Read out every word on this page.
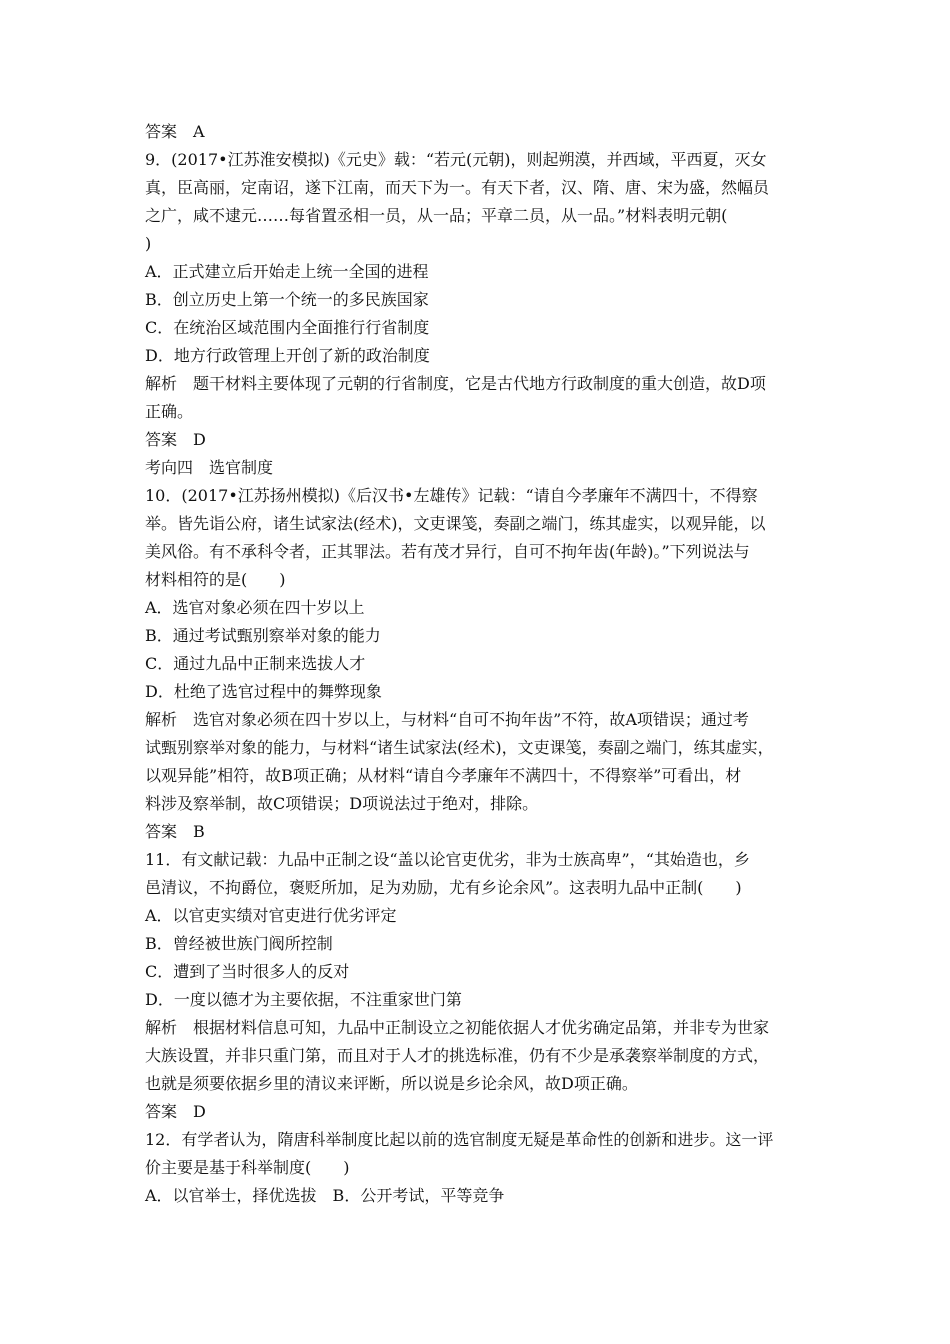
答案　A
9．(2017•江苏淮安模拟)《元史》载：“若元(元朝)，则起朔漠，并西域，平西夏，灭女
真，臣高丽，定南诏，遂下江南，而天下为一。有天下者，汉、隋、唐、宋为盛，然幅员
之广，咸不逮元……每省置丞相一员，从一品；平章二员，从一品。”材料表明元朝(
)
A．正式建立后开始走上统一全国的进程
B．创立历史上第一个统一的多民族国家
C．在统治区域范围内全面推行行省制度
D．地方行政管理上开创了新的政治制度
解析　题干材料主要体现了元朝的行省制度，它是古代地方行政制度的重大创造，故D项
正确。
答案　D
考向四　选官制度
10．(2017•江苏扬州模拟)《后汉书•左雄传》记载：“请自今孝廉年不满四十，不得察
举。皆先诣公府，诸生试家法(经术)，文吏课笺，奏副之端门，练其虚实，以观异能，以
美风俗。有不承科令者，正其罪法。若有茂才异行，自可不拘年齿(年龄)。”下列说法与
材料相符的是(　　)
A．选官对象必须在四十岁以上
B．通过考试甄别察举对象的能力
C．通过九品中正制来选拔人才
D．杜绝了选官过程中的舞弊现象
解析　选官对象必须在四十岁以上，与材料“自可不拘年齿”不符，故A项错误；通过考
试甄别察举对象的能力，与材料“诸生试家法(经术)，文吏课笺，奏副之端门，练其虚实，
以观异能”相符，故B项正确；从材料“请自今孝廉年不满四十，不得察举”可看出，材
料涉及察举制，故C项错误；D项说法过于绝对，排除。
答案　B
11．有文献记载：九品中正制之设“盖以论官吏优劣，非为士族高卑”，“其始造也，乡
邑清议，不拘爵位，褒贬所加，足为劝励，尤有乡论余风”。这表明九品中正制(　　)
A．以官吏实绩对官吏进行优劣评定
B．曾经被世族门阀所控制
C．遭到了当时很多人的反对
D．一度以德才为主要依据，不注重家世门第
解析　根据材料信息可知，九品中正制设立之初能依据人才优劣确定品第，并非专为世家
大族设置，并非只重门第，而且对于人才的挑选标准，仍有不少是承袭察举制度的方式，
也就是须要依据乡里的清议来评断，所以说是乡论余风，故D项正确。
答案　D
12．有学者认为，隋唐科举制度比起以前的选官制度无疑是革命性的创新和进步。这一评
价主要是基于科举制度(　　)
A．以官举士，择优选拔　B．公开考试，平等竞争
